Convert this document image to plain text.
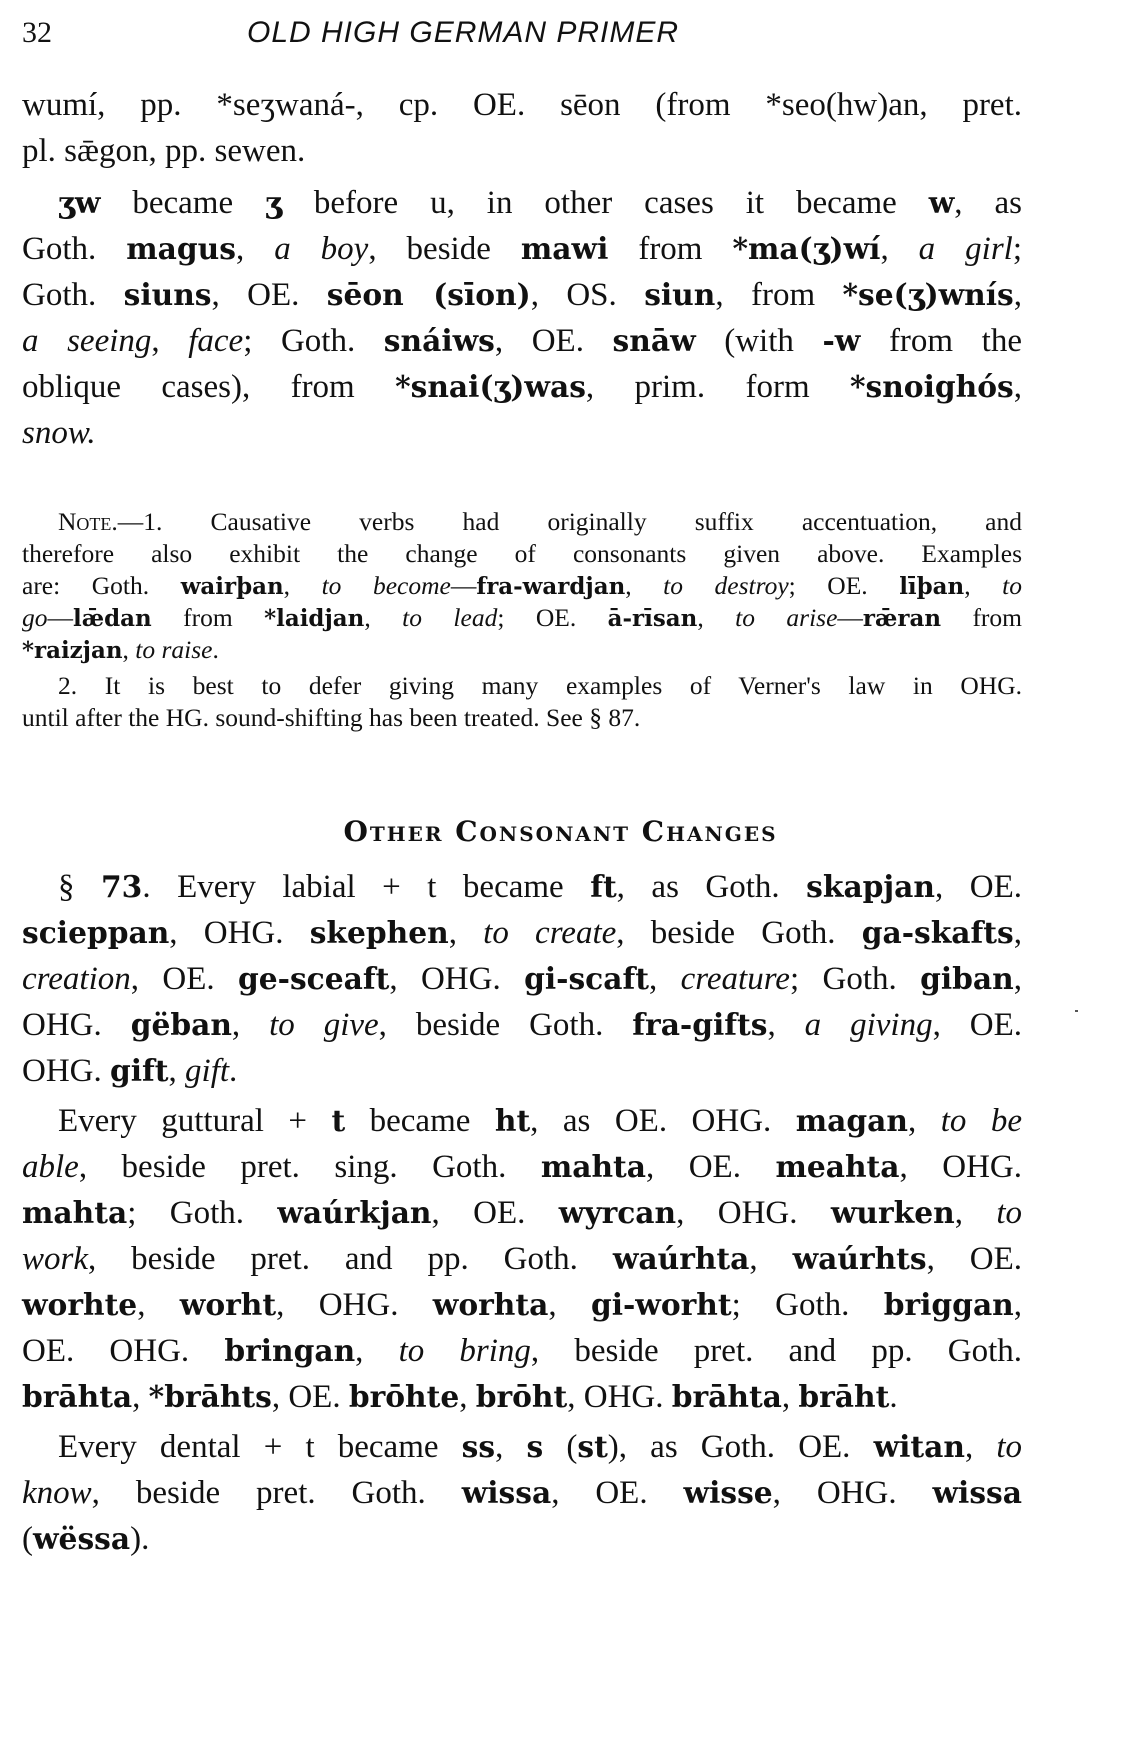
32	OLD HIGH GERMAN PRIMER
wumí, pp. *seʒwaná-, cp. OE. sēon (from *seo(hw)an, pret.
pl. sǣgon, pp. sewen.
ʒw became ʒ before u, in other cases it became w, as
Goth. magus, a boy, beside mawi from *ma(ʒ)wí, a girl;
Goth. siuns, OE. sēon (sīon), OS. siun, from *se(ʒ)wnís,
a seeing, face; Goth. snáiws, OE. snāw (with -w from the
oblique cases), from *snai(ʒ)was, prim. form *snoighós,
snow.
Note.—1. Causative verbs had originally suffix accentuation, and
therefore also exhibit the change of consonants given above. Examples
are: Goth. wairþan, to become—fra-wardjan, to destroy; OE. līþan, to
go—lǣdan from *laidjan, to lead; OE. ā-rīsan, to arise—rǣran from
*raizjan, to raise.
2. It is best to defer giving many examples of Verner's law in OHG.
until after the HG. sound-shifting has been treated. See § 87.
Other Consonant Changes
§ 73. Every labial + t became ft, as Goth. skapjan, OE.
scieppan, OHG. skephen, to create, beside Goth. ga-skafts,
creation, OE. ge-sceaft, OHG. gi-scaft, creature; Goth. giban,
OHG. gëban, to give, beside Goth. fra-gifts, a giving, OE.
OHG. gift, gift.
Every guttural + t became ht, as OE. OHG. magan, to be
able, beside pret. sing. Goth. mahta, OE. meahta, OHG.
mahta; Goth. waúrkjan, OE. wyrcan, OHG. wurken, to
work, beside pret. and pp. Goth. waúrhta, waúrhts, OE.
worhte, worht, OHG. worhta, gi-worht; Goth. briggan,
OE. OHG. bringan, to bring, beside pret. and pp. Goth.
brāhta, *brāhts, OE. brōhte, brōht, OHG. brāhta, brāht.
Every dental + t became ss, s (st), as Goth. OE. witan, to
know, beside pret. Goth. wissa, OE. wisse, OHG. wissa
(wëssa).
